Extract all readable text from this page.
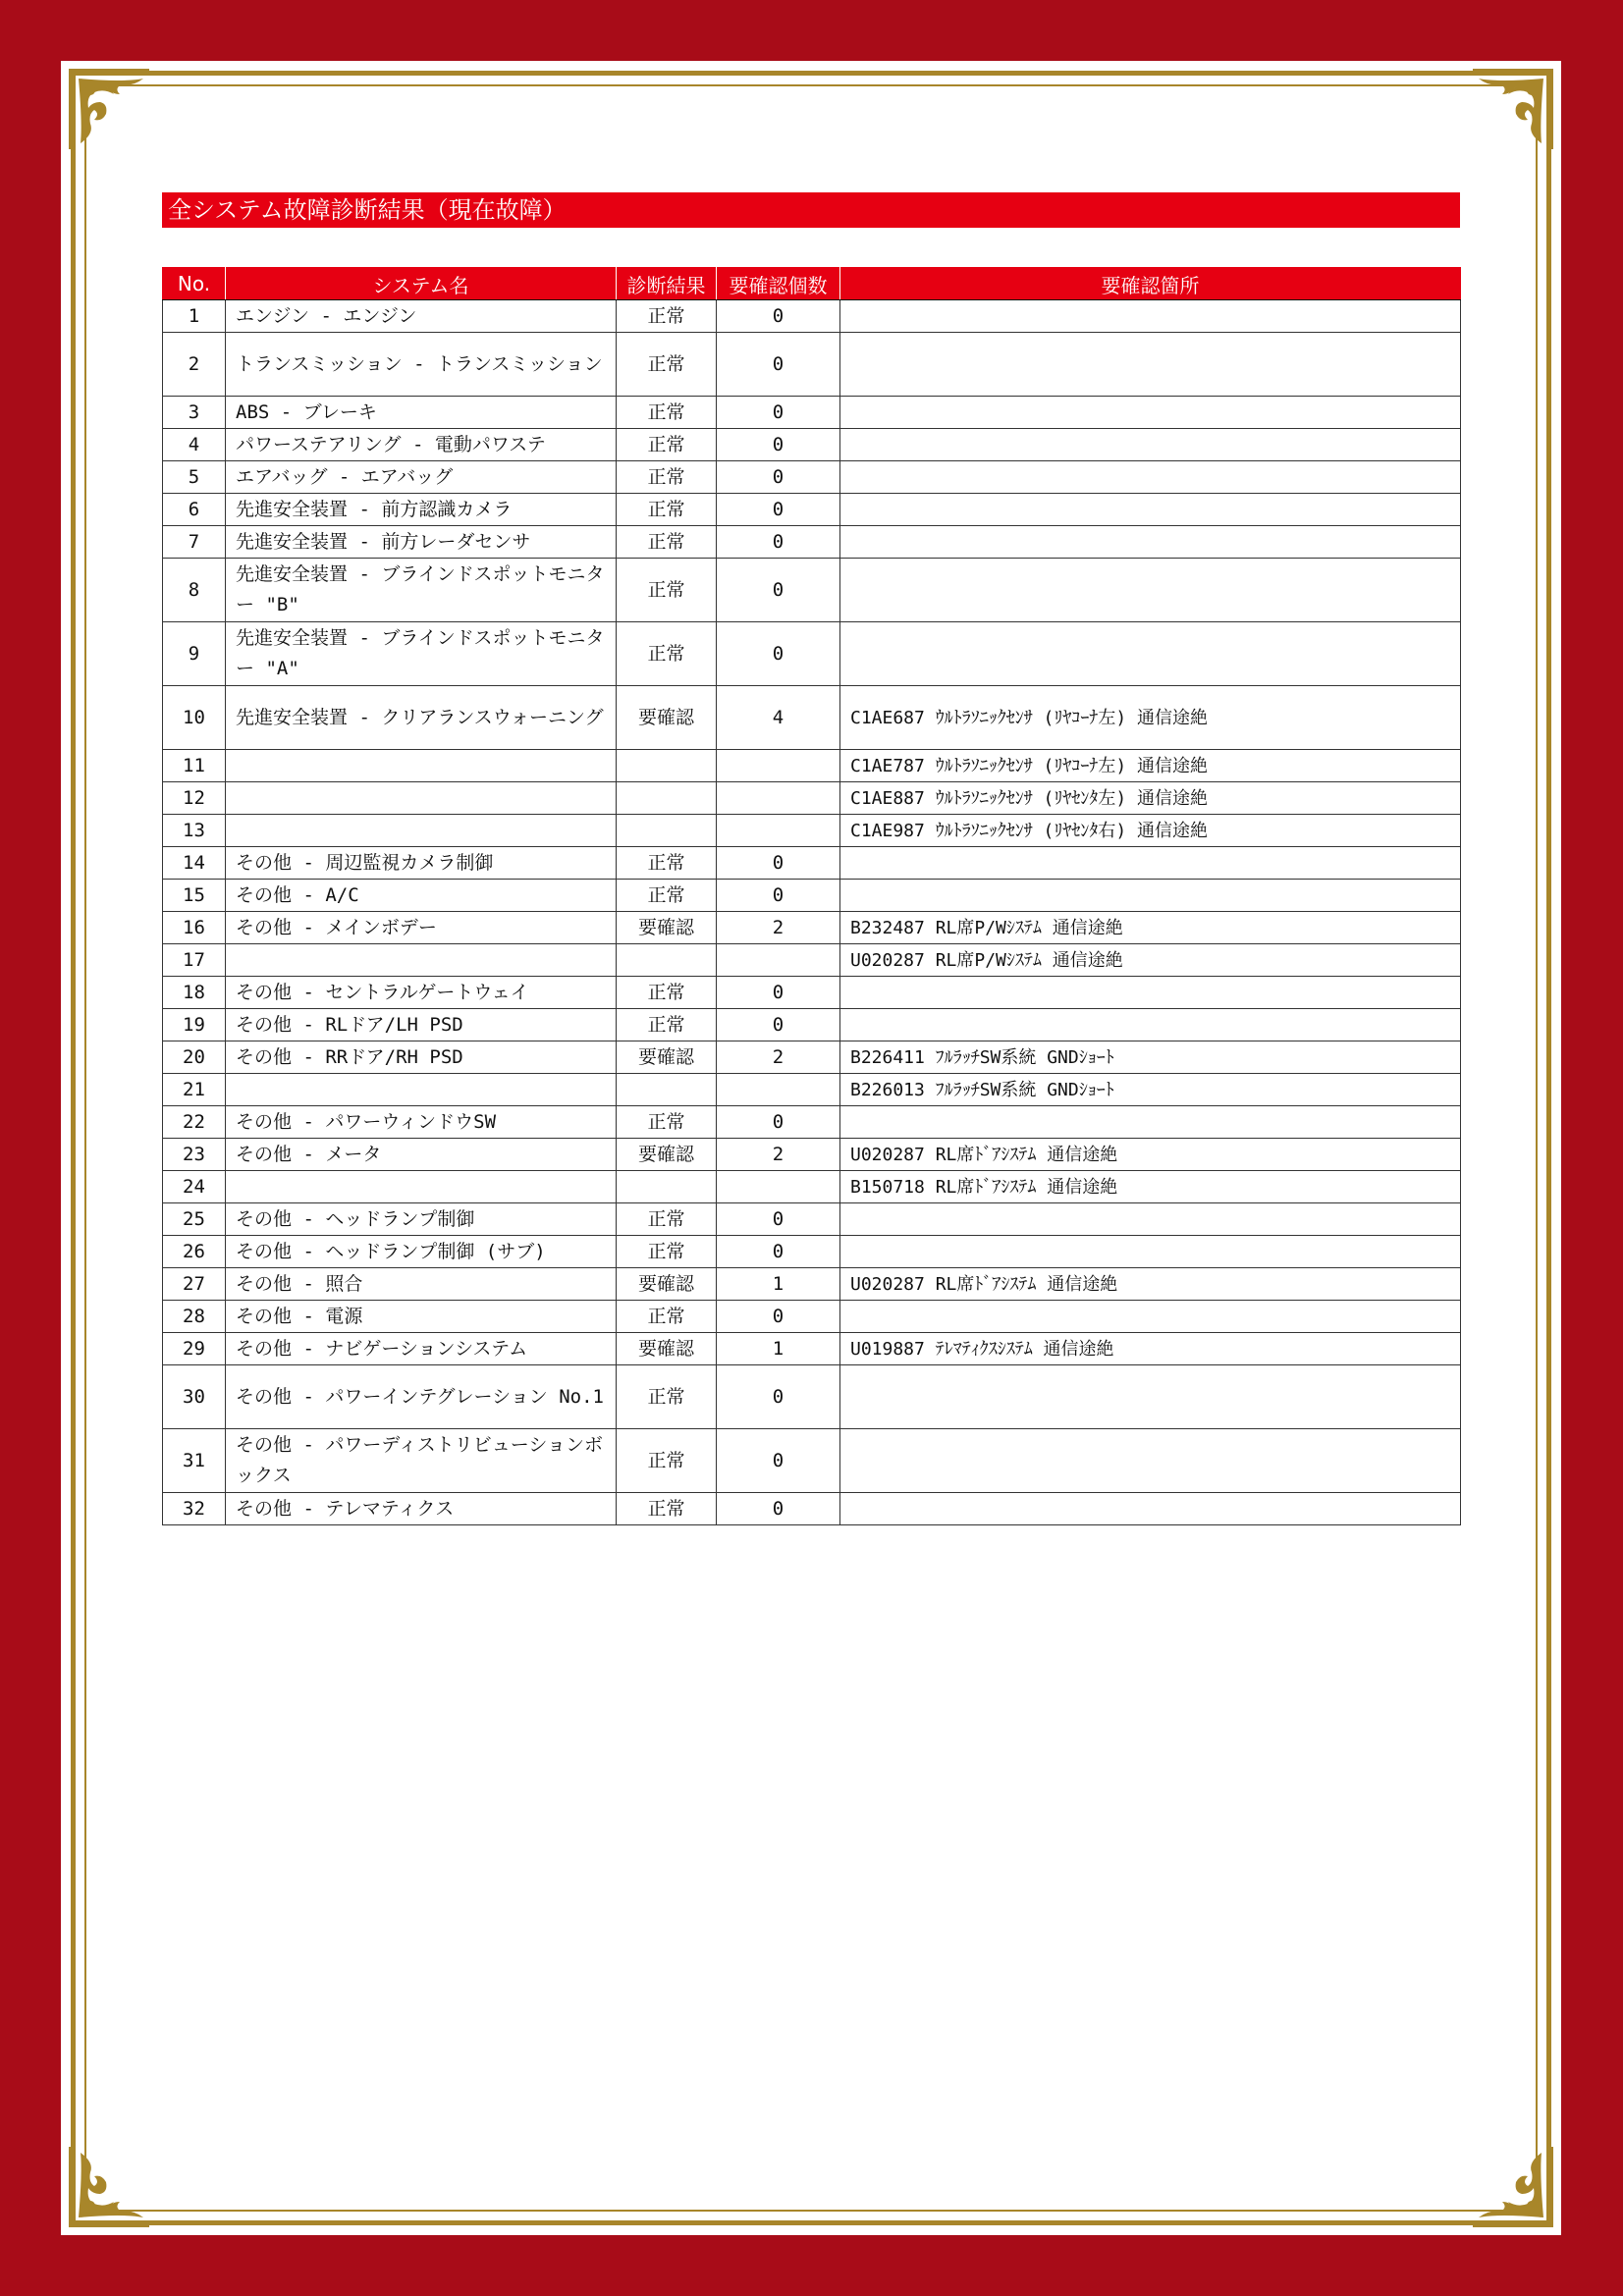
全システム故障診断結果（現在故障）
No.	システム名	診断結果	要確認個数	要確認箇所
1	エンジン - エンジン	正常	0	
2	トランスミッション - トランスミッション	正常	0	
3	ABS - ブレーキ	正常	0	
4	パワーステアリング - 電動パワステ	正常	0	
5	エアバッグ - エアバッグ	正常	0	
6	先進安全装置 - 前方認識カメラ	正常	0	
7	先進安全装置 - 前方レーダセンサ	正常	0	
8	先進安全装置 - ブラインドスポットモニター "B"	正常	0	
9	先進安全装置 - ブラインドスポットモニター "A"	正常	0	
10	先進安全装置 - クリアランスウォーニング	要確認	4	C1AE687 ｳﾙﾄﾗｿﾆｯｸｾﾝｻ (ﾘﾔｺｰﾅ左) 通信途絶
11				C1AE787 ｳﾙﾄﾗｿﾆｯｸｾﾝｻ (ﾘﾔｺｰﾅ左) 通信途絶
12				C1AE887 ｳﾙﾄﾗｿﾆｯｸｾﾝｻ (ﾘﾔｾﾝﾀ左) 通信途絶
13				C1AE987 ｳﾙﾄﾗｿﾆｯｸｾﾝｻ (ﾘﾔｾﾝﾀ右) 通信途絶
14	その他 - 周辺監視カメラ制御	正常	0	
15	その他 - A/C	正常	0	
16	その他 - メインボデー	要確認	2	B232487 RL席P/Wｼｽﾃﾑ 通信途絶
17				U020287 RL席P/Wｼｽﾃﾑ 通信途絶
18	その他 - セントラルゲートウェイ	正常	0	
19	その他 - RLドア/LH PSD	正常	0	
20	その他 - RRドア/RH PSD	要確認	2	B226411 ﾌﾙﾗｯﾁSW系統 GNDｼｮｰﾄ
21				B226013 ﾌﾙﾗｯﾁSW系統 GNDｼｮｰﾄ
22	その他 - パワーウィンドウSW	正常	0	
23	その他 - メータ	要確認	2	U020287 RL席ﾄﾞｱｼｽﾃﾑ 通信途絶
24				B150718 RL席ﾄﾞｱｼｽﾃﾑ 通信途絶
25	その他 - ヘッドランプ制御	正常	0	
26	その他 - ヘッドランプ制御 (サブ)	正常	0	
27	その他 - 照合	要確認	1	U020287 RL席ﾄﾞｱｼｽﾃﾑ 通信途絶
28	その他 - 電源	正常	0	
29	その他 - ナビゲーションシステム	要確認	1	U019887 ﾃﾚﾏﾃｨｸｽｼｽﾃﾑ 通信途絶
30	その他 - パワーインテグレーション No.1	正常	0	
31	その他 - パワーディストリビューションボックス	正常	0	
32	その他 - テレマティクス	正常	0	
